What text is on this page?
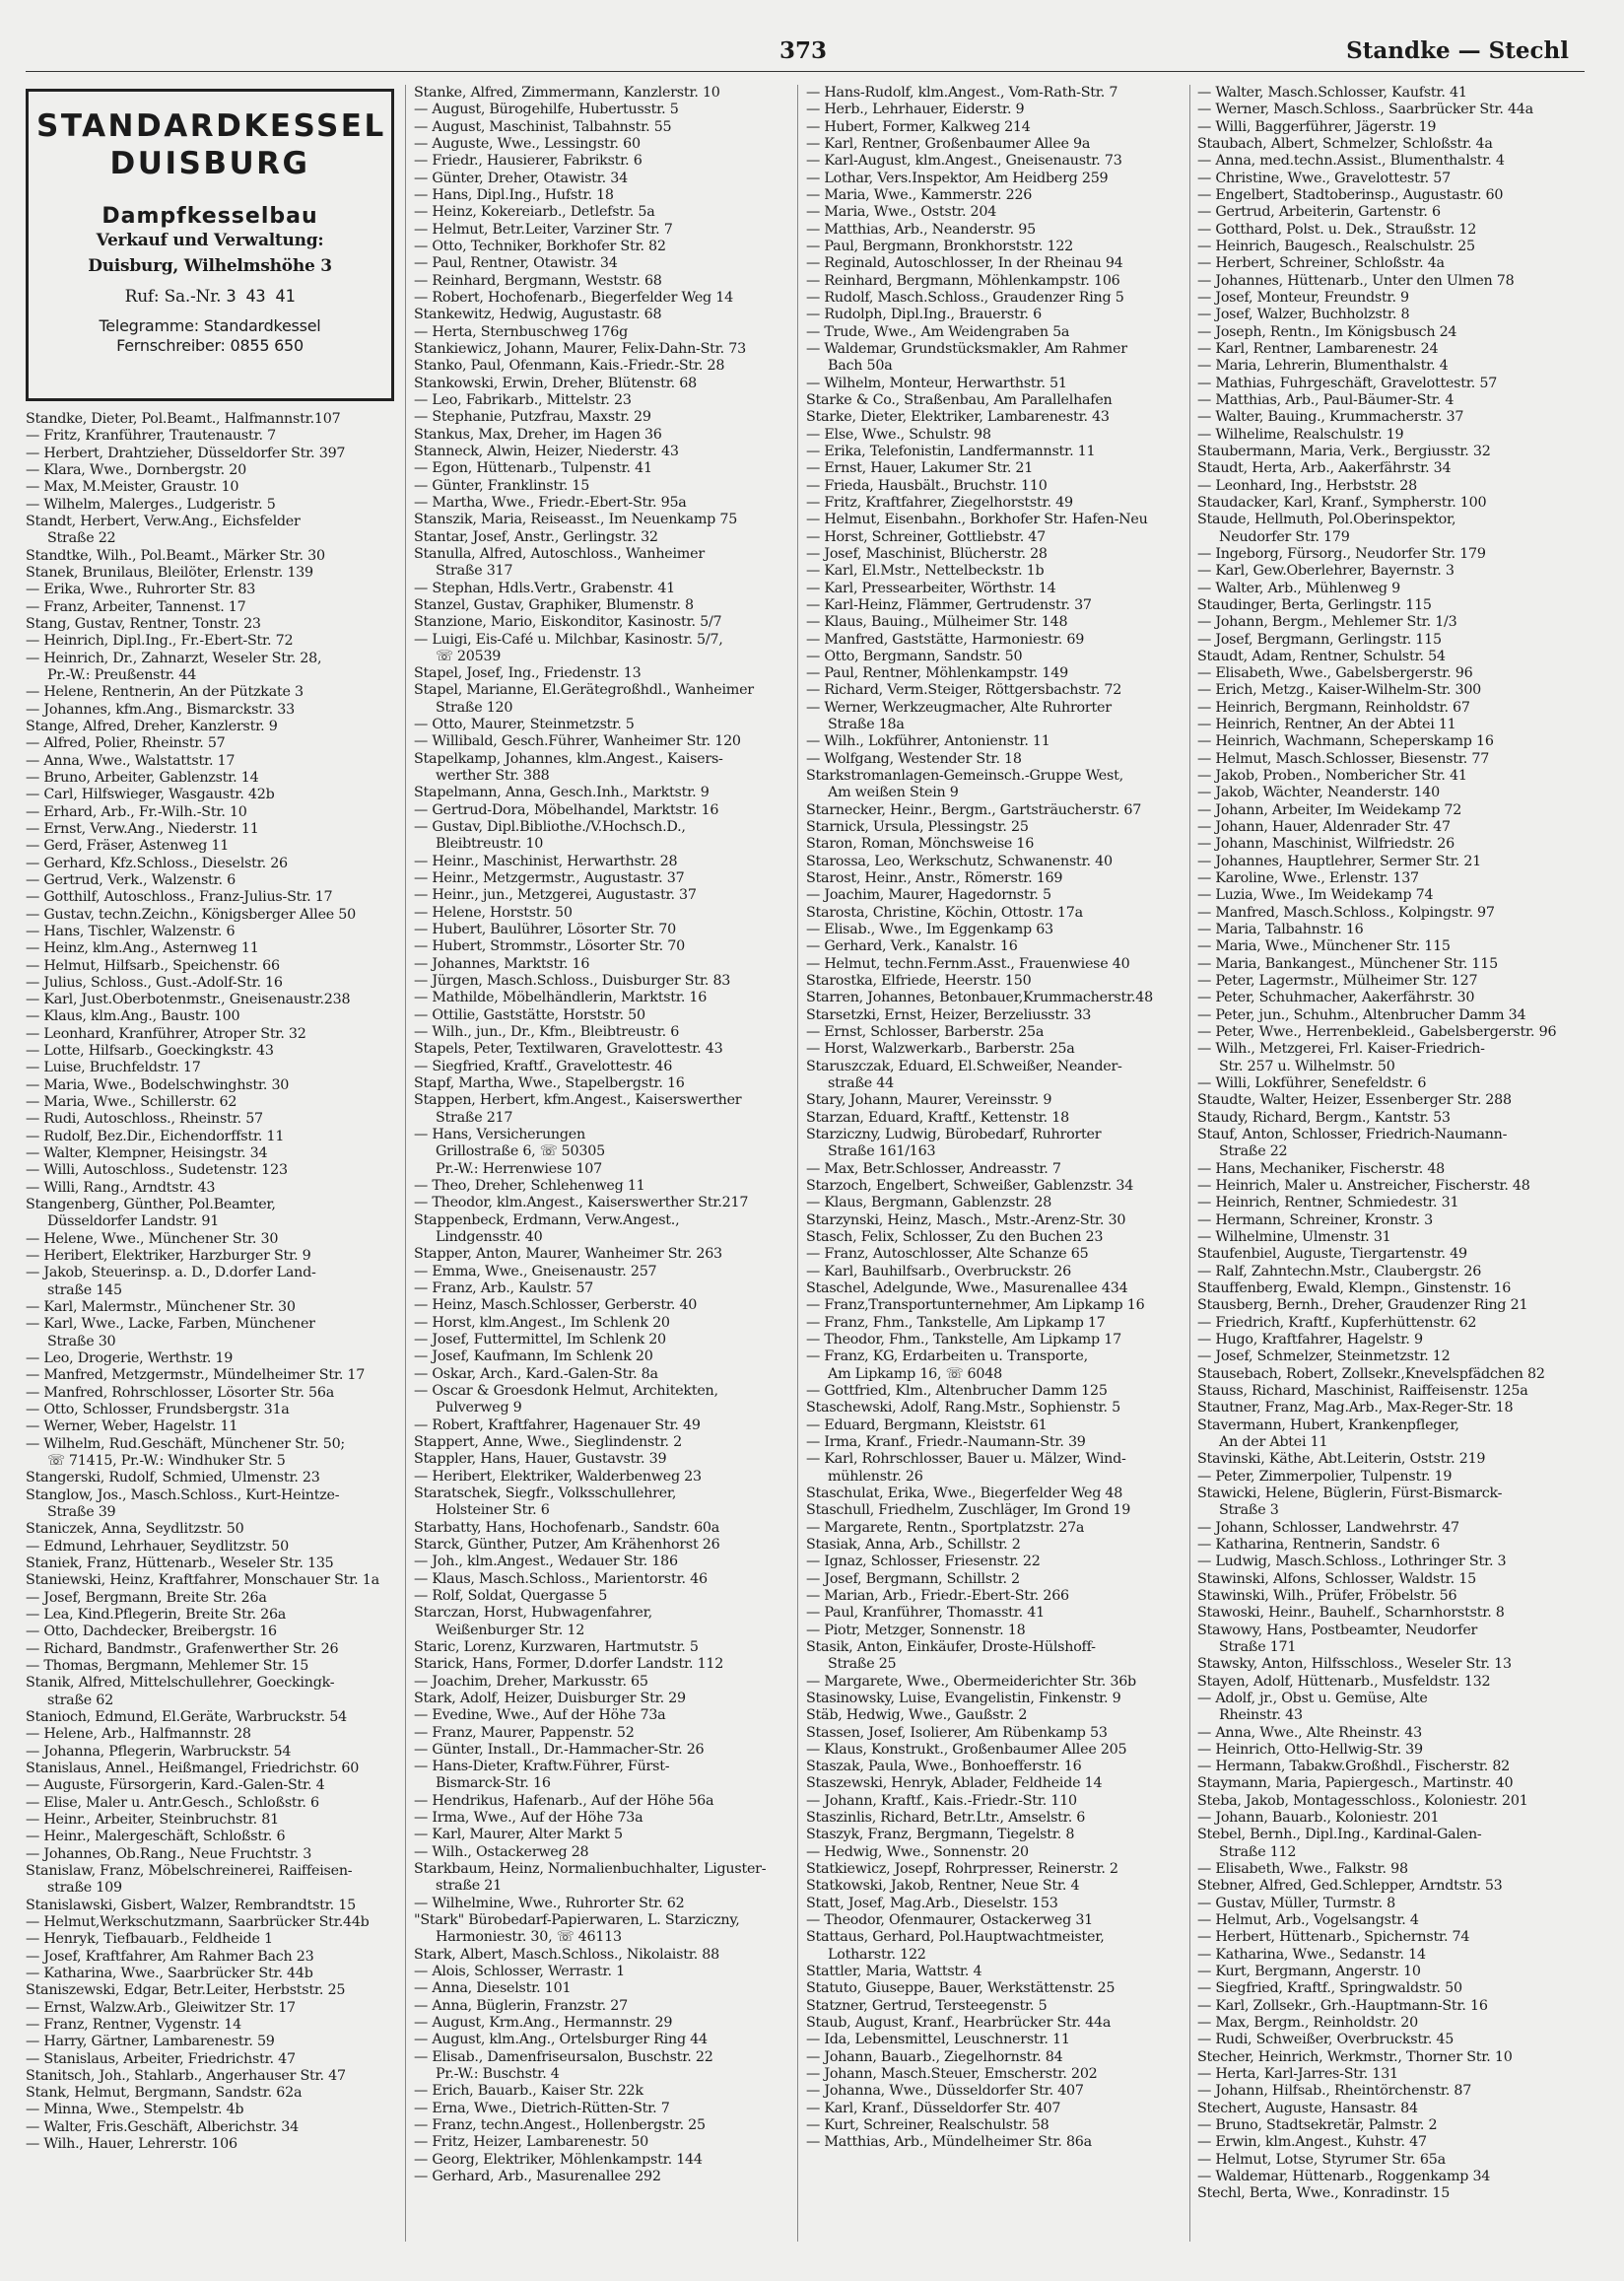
373	Standke — Stechl
STANDARDKESSEL DUISBURG
Dampfkesselbau
Verkauf und Verwaltung:
Duisburg, Wilhelmshöhe 3
Ruf: Sa.-Nr. 3 43 41
Telegramme: Standardkessel
Fernschreiber: 0855 650
Standke, Dieter, Pol.Beamt., Halfmannstr.107
— Fritz, Kranführer, Trautenaustr. 7
— Herbert, Drahtzieher, Düsseldorfer Str. 397
— Klara, Wwe., Dornbergstr. 20
— Max, M.Meister, Graustr. 10
— Wilhelm, Malerges., Ludgeristr. 5
Standt, Herbert, Verw.Ang., Eichsfelder
Straße 22
Standtke, Wilh., Pol.Beamt., Märker Str. 30
Stanek, Brunilaus, Bleilöter, Erlenstr. 139
— Erika, Wwe., Ruhrorter Str. 83
— Franz, Arbeiter, Tannenst. 17
Stang, Gustav, Rentner, Tonstr. 23
— Heinrich, Dipl.Ing., Fr.-Ebert-Str. 72
— Heinrich, Dr., Zahnarzt, Weseler Str. 28,
Pr.-W.: Preußenstr. 44
— Helene, Rentnerin, An der Pützkate 3
— Johannes, kfm.Ang., Bismarckstr. 33
Stange, Alfred, Dreher, Kanzlerstr. 9
— Alfred, Polier, Rheinstr. 57
— Anna, Wwe., Walstattstr. 17
— Bruno, Arbeiter, Gablenzstr. 14
— Carl, Hilfswieger, Wasgaustr. 42b
— Erhard, Arb., Fr.-Wilh.-Str. 10
— Ernst, Verw.Ang., Niederstr. 11
— Gerd, Fräser, Astenweg 11
— Gerhard, Kfz.Schloss., Dieselstr. 26
— Gertrud, Verk., Walzenstr. 6
— Gotthilf, Autoschloss., Franz-Julius-Str. 17
— Gustav, techn.Zeichn., Königsberger Allee 50
— Hans, Tischler, Walzenstr. 6
— Heinz, klm.Ang., Asternweg 11
— Helmut, Hilfsarb., Speichenstr. 66
— Julius, Schloss., Gust.-Adolf-Str. 16
— Karl, Just.Oberbotenmstr., Gneisenaustr.238
— Klaus, klm.Ang., Baustr. 100
— Leonhard, Kranführer, Atroper Str. 32
— Lotte, Hilfsarb., Goeckingkstr. 43
— Luise, Bruchfeldstr. 17
— Maria, Wwe., Bodelschwinghstr. 30
— Maria, Wwe., Schillerstr. 62
— Rudi, Autoschloss., Rheinstr. 57
— Rudolf, Bez.Dir., Eichendorffstr. 11
— Walter, Klempner, Heisingstr. 34
— Willi, Autoschloss., Sudetenstr. 123
— Willi, Rang., Arndtstr. 43
Stangenberg, Günther, Pol.Beamter,
Düsseldorfer Landstr. 91
— Helene, Wwe., Münchener Str. 30
— Heribert, Elektriker, Harzburger Str. 9
— Jakob, Steuerinsp. a. D., D.dorfer Land-
straße 145
— Karl, Malermstr., Münchener Str. 30
— Karl, Wwe., Lacke, Farben, Münchener
Straße 30
— Leo, Drogerie, Werthstr. 19
— Manfred, Metzgermstr., Mündelheimer Str. 17
— Manfred, Rohrschlosser, Lösorter Str. 56a
— Otto, Schlosser, Frundsbergstr. 31a
— Werner, Weber, Hagelstr. 11
— Wilhelm, Rud.Geschäft, Münchener Str. 50;
☏ 71415, Pr.-W.: Windhuker Str. 5
Stangerski, Rudolf, Schmied, Ulmenstr. 23
Stanglow, Jos., Masch.Schloss., Kurt-Heintze-
Straße 39
Staniczek, Anna, Seydlitzstr. 50
— Edmund, Lehrhauer, Seydlitzstr. 50
Staniek, Franz, Hüttenarb., Weseler Str. 135
Staniewski, Heinz, Kraftfahrer, Monschauer Str. 1a
— Josef, Bergmann, Breite Str. 26a
— Lea, Kind.Pflegerin, Breite Str. 26a
— Otto, Dachdecker, Breibergstr. 16
— Richard, Bandmstr., Grafenwerther Str. 26
— Thomas, Bergmann, Mehlemer Str. 15
Stanik, Alfred, Mittelschullehrer, Goeckingk-
straße 62
Stanioch, Edmund, El.Geräte, Warbruckstr. 54
— Helene, Arb., Halfmannstr. 28
— Johanna, Pflegerin, Warbruckstr. 54
Stanislaus, Annel., Heißmangel, Friedrichstr. 60
— Auguste, Fürsorgerin, Kard.-Galen-Str. 4
— Elise, Maler u. Antr.Gesch., Schloßstr. 6
— Heinr., Arbeiter, Steinbruchstr. 81
— Heinr., Malergeschäft, Schloßstr. 6
— Johannes, Ob.Rang., Neue Fruchtstr. 3
Stanislaw, Franz, Möbelschreinerei, Raiffeisen-
straße 109
Stanislawski, Gisbert, Walzer, Rembrandtstr. 15
— Helmut,Werkschutzmann, Saarbrücker Str.44b
— Henryk, Tiefbauarb., Feldheide 1
— Josef, Kraftfahrer, Am Rahmer Bach 23
— Katharina, Wwe., Saarbrücker Str. 44b
Staniszewski, Edgar, Betr.Leiter, Herbststr. 25
— Ernst, Walzw.Arb., Gleiwitzer Str. 17
— Franz, Rentner, Vygenstr. 14
— Harry, Gärtner, Lambarenestr. 59
— Stanislaus, Arbeiter, Friedrichstr. 47
Stanitsch, Joh., Stahlarb., Angerhauser Str. 47
Stank, Helmut, Bergmann, Sandstr. 62a
— Minna, Wwe., Stempelstr. 4b
— Walter, Fris.Geschäft, Alberichstr. 34
— Wilh., Hauer, Lehrerstr. 106
Stanke, Alfred, Zimmermann, Kanzlerstr. 10
— August, Bürogehilfe, Hubertusstr. 5
— August, Maschinist, Talbahnstr. 55
— Auguste, Wwe., Lessingstr. 60
— Friedr., Hausierer, Fabrikstr. 6
— Günter, Dreher, Otawistr. 34
— Hans, Dipl.Ing., Hufstr. 18
— Heinz, Kokereiarb., Detlefstr. 5a
— Helmut, Betr.Leiter, Varziner Str. 7
— Otto, Techniker, Borkhofer Str. 82
— Paul, Rentner, Otawistr. 34
— Reinhard, Bergmann, Weststr. 68
— Robert, Hochofenarb., Biegerfelder Weg 14
Stankewitz, Hedwig, Augustastr. 68
— Herta, Sternbuschweg 176g
Stankiewicz, Johann, Maurer, Felix-Dahn-Str. 73
Stanko, Paul, Ofenmann, Kais.-Friedr.-Str. 28
Stankowski, Erwin, Dreher, Blütenstr. 68
— Leo, Fabrikarb., Mittelstr. 23
— Stephanie, Putzfrau, Maxstr. 29
Stankus, Max, Dreher, im Hagen 36
Stanneck, Alwin, Heizer, Niederstr. 43
— Egon, Hüttenarb., Tulpenstr. 41
— Günter, Franklinstr. 15
— Martha, Wwe., Friedr.-Ebert-Str. 95a
Stanszik, Maria, Reiseasst., Im Neuenkamp 75
Stantar, Josef, Anstr., Gerlingstr. 32
Stanulla, Alfred, Autoschloss., Wanheimer
Straße 317
— Stephan, Hdls.Vertr., Grabenstr. 41
Stanzel, Gustav, Graphiker, Blumenstr. 8
Stanzione, Mario, Eiskonditor, Kasinostr. 5/7
— Luigi, Eis-Café u. Milchbar, Kasinostr. 5/7,
☏ 20539
Stapel, Josef, Ing., Friedenstr. 13
Stapel, Marianne, El.Gerätegroßhdl., Wanheimer
Straße 120
— Otto, Maurer, Steinmetzstr. 5
— Willibald, Gesch.Führer, Wanheimer Str. 120
Stapelkamp, Johannes, klm.Angest., Kaisers-
werther Str. 388
Stapelmann, Anna, Gesch.Inh., Marktstr. 9
— Gertrud-Dora, Möbelhandel, Marktstr. 16
— Gustav, Dipl.Bibliothe./V.Hochsch.D.,
Bleibtreustr. 10
— Heinr., Maschinist, Herwarthstr. 28
— Heinr., Metzgermstr., Augustastr. 37
— Heinr., jun., Metzgerei, Augustastr. 37
— Helene, Horststr. 50
— Hubert, Baulührer, Lösorter Str. 70
— Hubert, Strommstr., Lösorter Str. 70
— Johannes, Marktstr. 16
— Jürgen, Masch.Schloss., Duisburger Str. 83
— Mathilde, Möbelhändlerin, Marktstr. 16
— Ottilie, Gaststätte, Horststr. 50
— Wilh., jun., Dr., Kfm., Bleibtreustr. 6
Stapels, Peter, Textilwaren, Gravelottestr. 43
— Siegfried, Kraftf., Gravelottestr. 46
Stapf, Martha, Wwe., Stapelbergstr. 16
Stappen, Herbert, kfm.Angest., Kaiserswerther
Straße 217
— Hans, Versicherungen
Grillostraße 6, ☏ 50305
Pr.-W.: Herrenwiese 107
— Theo, Dreher, Schlehenweg 11
— Theodor, klm.Angest., Kaiserswerther Str.217
Stappenbeck, Erdmann, Verw.Angest.,
Lindgensstr. 40
Stapper, Anton, Maurer, Wanheimer Str. 263
— Emma, Wwe., Gneisenaustr. 257
— Franz, Arb., Kaulstr. 57
— Heinz, Masch.Schlosser, Gerberstr. 40
— Horst, klm.Angest., Im Schlenk 20
— Josef, Futtermittel, Im Schlenk 20
— Josef, Kaufmann, Im Schlenk 20
— Oskar, Arch., Kard.-Galen-Str. 8a
— Oscar & Groesdonk Helmut, Architekten,
Pulverweg 9
— Robert, Kraftfahrer, Hagenauer Str. 49
Stappert, Anne, Wwe., Sieglindenstr. 2
Stappler, Hans, Hauer, Gustavstr. 39
— Heribert, Elektriker, Walderbenweg 23
Staratschek, Siegfr., Volksschullehrer,
Holsteiner Str. 6
Starbatty, Hans, Hochofenarb., Sandstr. 60a
Starck, Günther, Putzer, Am Krähenhorst 26
— Joh., klm.Angest., Wedauer Str. 186
— Klaus, Masch.Schloss., Marientorstr. 46
— Rolf, Soldat, Quergasse 5
Starczan, Horst, Hubwagenfahrer,
Weißenburger Str. 12
Staric, Lorenz, Kurzwaren, Hartmutstr. 5
Starick, Hans, Former, D.dorfer Landstr. 112
— Joachim, Dreher, Markusstr. 65
Stark, Adolf, Heizer, Duisburger Str. 29
— Evedine, Wwe., Auf der Höhe 73a
— Franz, Maurer, Pappenstr. 52
— Günter, Install., Dr.-Hammacher-Str. 26
— Hans-Dieter, Kraftw.Führer, Fürst-
Bismarck-Str. 16
— Hendrikus, Hafenarb., Auf der Höhe 56a
— Irma, Wwe., Auf der Höhe 73a
— Karl, Maurer, Alter Markt 5
— Wilh., Ostackerweg 28
Starkbaum, Heinz, Normalienbuchhalter, Liguster-
straße 21
— Wilhelmine, Wwe., Ruhrorter Str. 62
"Stark" Bürobedarf-Papierwaren, L. Starziczny,
Harmoniestr. 30, ☏ 46113
Stark, Albert, Masch.Schloss., Nikolaistr. 88
— Alois, Schlosser, Werrastr. 1
— Anna, Dieselstr. 101
— Anna, Büglerin, Franzstr. 27
— August, Krm.Ang., Hermannstr. 29
— August, klm.Ang., Ortelsburger Ring 44
— Elisab., Damenfriseursalon, Buschstr. 22
Pr.-W.: Buschstr. 4
— Erich, Bauarb., Kaiser Str. 22k
— Erna, Wwe., Dietrich-Rütten-Str. 7
— Franz, techn.Angest., Hollenbergstr. 25
— Fritz, Heizer, Lambarenestr. 50
— Georg, Elektriker, Möhlenkampstr. 144
— Gerhard, Arb., Masurenallee 292
— Hans-Rudolf, klm.Angest., Vom-Rath-Str. 7
— Herb., Lehrhauer, Eiderstr. 9
— Hubert, Former, Kalkweg 214
— Karl, Rentner, Großenbaumer Allee 9a
— Karl-August, klm.Angest., Gneisenaustr. 73
— Lothar, Vers.Inspektor, Am Heidberg 259
— Maria, Wwe., Kammerstr. 226
— Maria, Wwe., Oststr. 204
— Matthias, Arb., Neanderstr. 95
— Paul, Bergmann, Bronkhorststr. 122
— Reginald, Autoschlosser, In der Rheinau 94
— Reinhard, Bergmann, Möhlenkampstr. 106
— Rudolf, Masch.Schloss., Graudenzer Ring 5
— Rudolph, Dipl.Ing., Brauerstr. 6
— Trude, Wwe., Am Weidengraben 5a
— Waldemar, Grundstücksmakler, Am Rahmer
Bach 50a
— Wilhelm, Monteur, Herwarthstr. 51
Starke & Co., Straßenbau, Am Parallelhafen
Starke, Dieter, Elektriker, Lambarenestr. 43
— Else, Wwe., Schulstr. 98
— Erika, Telefonistin, Landfermannstr. 11
— Ernst, Hauer, Lakumer Str. 21
— Frieda, Hausbält., Bruchstr. 110
— Fritz, Kraftfahrer, Ziegelhorststr. 49
— Helmut, Eisenbahn., Borkhofer Str. Hafen-Neu
— Horst, Schreiner, Gottliebstr. 47
— Josef, Maschinist, Blücherstr. 28
— Karl, El.Mstr., Nettelbeckstr. 1b
— Karl, Pressearbeiter, Wörthstr. 14
— Karl-Heinz, Flämmer, Gertrudenstr. 37
— Klaus, Bauing., Mülheimer Str. 148
— Manfred, Gaststätte, Harmoniestr. 69
— Otto, Bergmann, Sandstr. 50
— Paul, Rentner, Möhlenkampstr. 149
— Richard, Verm.Steiger, Röttgersbachstr. 72
— Werner, Werkzeugmacher, Alte Ruhrorter
Straße 18a
— Wilh., Lokführer, Antonienstr. 11
— Wolfgang, Westender Str. 18
Starkstromanlagen-Gemeinsch.-Gruppe West,
Am weißen Stein 9
Starnecker, Heinr., Bergm., Gartsträucherstr. 67
Starnick, Ursula, Plessingstr. 25
Staron, Roman, Mönchsweise 16
Starossa, Leo, Werkschutz, Schwanenstr. 40
Starost, Heinr., Anstr., Römerstr. 169
— Joachim, Maurer, Hagedornstr. 5
Starosta, Christine, Köchin, Ottostr. 17a
— Elisab., Wwe., Im Eggenkamp 63
— Gerhard, Verk., Kanalstr. 16
— Helmut, techn.Fernm.Asst., Frauenwiese 40
Starostka, Elfriede, Heerstr. 150
Starren, Johannes, Betonbauer,Krummacherstr.48
Starsetzki, Ernst, Heizer, Berzeliusstr. 33
— Ernst, Schlosser, Barberstr. 25a
— Horst, Walzwerkarb., Barberstr. 25a
Staruszczak, Eduard, El.Schweißer, Neander-
straße 44
Stary, Johann, Maurer, Vereinsstr. 9
Starzan, Eduard, Kraftf., Kettenstr. 18
Starziczny, Ludwig, Bürobedarf, Ruhrorter
Straße 161/163
— Max, Betr.Schlosser, Andreasstr. 7
Starzoch, Engelbert, Schweißer, Gablenzstr. 34
— Klaus, Bergmann, Gablenzstr. 28
Starzynski, Heinz, Masch., Mstr.-Arenz-Str. 30
Stasch, Felix, Schlosser, Zu den Buchen 23
— Franz, Autoschlosser, Alte Schanze 65
— Karl, Bauhilfsarb., Overbruckstr. 26
Staschel, Adelgunde, Wwe., Masurenallee 434
— Franz,Transportunternehmer, Am Lipkamp 16
— Franz, Fhm., Tankstelle, Am Lipkamp 17
— Theodor, Fhm., Tankstelle, Am Lipkamp 17
— Franz, KG, Erdarbeiten u. Transporte,
Am Lipkamp 16, ☏ 6048
— Gottfried, Klm., Altenbrucher Damm 125
Staschewski, Adolf, Rang.Mstr., Sophienstr. 5
— Eduard, Bergmann, Kleiststr. 61
— Irma, Kranf., Friedr.-Naumann-Str. 39
— Karl, Rohrschlosser, Bauer u. Mälzer, Wind-
mühlenstr. 26
Staschulat, Erika, Wwe., Biegerfelder Weg 48
Staschull, Friedhelm, Zuschläger, Im Grond 19
— Margarete, Rentn., Sportplatzstr. 27a
Stasiak, Anna, Arb., Schillstr. 2
— Ignaz, Schlosser, Friesenstr. 22
— Josef, Bergmann, Schillstr. 2
— Marian, Arb., Friedr.-Ebert-Str. 266
— Paul, Kranführer, Thomasstr. 41
— Piotr, Metzger, Sonnenstr. 18
Stasik, Anton, Einkäufer, Droste-Hülshoff-
Straße 25
— Margarete, Wwe., Obermeiderichter Str. 36b
Stasinowsky, Luise, Evangelistin, Finkenstr. 9
Stäb, Hedwig, Wwe., Gaußstr. 2
Stassen, Josef, Isolierer, Am Rübenkamp 53
— Klaus, Konstrukt., Großenbaumer Allee 205
Staszak, Paula, Wwe., Bonhoefferstr. 16
Staszewski, Henryk, Ablader, Feldheide 14
— Johann, Kraftf., Kais.-Friedr.-Str. 110
Staszinlis, Richard, Betr.Ltr., Amselstr. 6
Staszyk, Franz, Bergmann, Tiegelstr. 8
— Hedwig, Wwe., Sonnenstr. 20
Statkiewicz, Josepf, Rohrpresser, Reinerstr. 2
Statkowski, Jakob, Rentner, Neue Str. 4
Statt, Josef, Mag.Arb., Dieselstr. 153
— Theodor, Ofenmaurer, Ostackerweg 31
Stattaus, Gerhard, Pol.Hauptwachtmeister,
Lotharstr. 122
Stattler, Maria, Wattstr. 4
Statuto, Giuseppe, Bauer, Werkstättenstr. 25
Statzner, Gertrud, Tersteegenstr. 5
Staub, August, Kranf., Hearbrücker Str. 44a
— Ida, Lebensmittel, Leuschnerstr. 11
— Johann, Bauarb., Ziegelhornstr. 84
— Johann, Masch.Steuer, Emscherstr. 202
— Johanna, Wwe., Düsseldorfer Str. 407
— Karl, Kranf., Düsseldorfer Str. 407
— Kurt, Schreiner, Realschulstr. 58
— Matthias, Arb., Mündelheimer Str. 86a
— Walter, Masch.Schlosser, Kaufstr. 41
— Werner, Masch.Schloss., Saarbrücker Str. 44a
— Willi, Baggerführer, Jägerstr. 19
Staubach, Albert, Schmelzer, Schloßstr. 4a
— Anna, med.techn.Assist., Blumenthalstr. 4
— Christine, Wwe., Gravelottestr. 57
— Engelbert, Stadtoberinsp., Augustastr. 60
— Gertrud, Arbeiterin, Gartenstr. 6
— Gotthard, Polst. u. Dek., Straußstr. 12
— Heinrich, Baugesch., Realschulstr. 25
— Herbert, Schreiner, Schloßstr. 4a
— Johannes, Hüttenarb., Unter den Ulmen 78
— Josef, Monteur, Freundstr. 9
— Josef, Walzer, Buchholzstr. 8
— Joseph, Rentn., Im Königsbusch 24
— Karl, Rentner, Lambarenestr. 24
— Maria, Lehrerin, Blumenthalstr. 4
— Mathias, Fuhrgeschäft, Gravelottestr. 57
— Matthias, Arb., Paul-Bäumer-Str. 4
— Walter, Bauing., Krummacherstr. 37
— Wilhelime, Realschulstr. 19
Staubermann, Maria, Verk., Bergiusstr. 32
Staudt, Herta, Arb., Aakerfährstr. 34
— Leonhard, Ing., Herbststr. 28
Staudacker, Karl, Kranf., Sympherstr. 100
Staude, Hellmuth, Pol.Oberinspektor,
Neudorfer Str. 179
— Ingeborg, Fürsorg., Neudorfer Str. 179
— Karl, Gew.Oberlehrer, Bayernstr. 3
— Walter, Arb., Mühlenweg 9
Staudinger, Berta, Gerlingstr. 115
— Johann, Bergm., Mehlemer Str. 1/3
— Josef, Bergmann, Gerlingstr. 115
Staudt, Adam, Rentner, Schulstr. 54
— Elisabeth, Wwe., Gabelsbergerstr. 96
— Erich, Metzg., Kaiser-Wilhelm-Str. 300
— Heinrich, Bergmann, Reinholdstr. 67
— Heinrich, Rentner, An der Abtei 11
— Heinrich, Wachmann, Scheperskamp 16
— Helmut, Masch.Schlosser, Biesenstr. 77
— Jakob, Proben., Nombericher Str. 41
— Jakob, Wächter, Neanderstr. 140
— Johann, Arbeiter, Im Weidekamp 72
— Johann, Hauer, Aldenrader Str. 47
— Johann, Maschinist, Wilfriedstr. 26
— Johannes, Hauptlehrer, Sermer Str. 21
— Karoline, Wwe., Erlenstr. 137
— Luzia, Wwe., Im Weidekamp 74
— Manfred, Masch.Schloss., Kolpingstr. 97
— Maria, Talbahnstr. 16
— Maria, Wwe., Münchener Str. 115
— Maria, Bankangest., Münchener Str. 115
— Peter, Lagermstr., Mülheimer Str. 127
— Peter, Schuhmacher, Aakerfährstr. 30
— Peter, jun., Schuhm., Altenbrucher Damm 34
— Peter, Wwe., Herrenbekleid., Gabelsbergerstr. 96
— Wilh., Metzgerei, Frl. Kaiser-Friedrich-
Str. 257 u. Wilhelmstr. 50
— Willi, Lokführer, Senefeldstr. 6
Staudte, Walter, Heizer, Essenberger Str. 288
Staudy, Richard, Bergm., Kantstr. 53
Stauf, Anton, Schlosser, Friedrich-Naumann-
Straße 22
— Hans, Mechaniker, Fischerstr. 48
— Heinrich, Maler u. Anstreicher, Fischerstr. 48
— Heinrich, Rentner, Schmiedestr. 31
— Hermann, Schreiner, Kronstr. 3
— Wilhelmine, Ulmenstr. 31
Staufenbiel, Auguste, Tiergartenstr. 49
— Ralf, Zahntechn.Mstr., Claubergstr. 26
Stauffenberg, Ewald, Klempn., Ginstenstr. 16
Stausberg, Bernh., Dreher, Graudenzer Ring 21
— Friedrich, Kraftf., Kupferhüttenstr. 62
— Hugo, Kraftfahrer, Hagelstr. 9
— Josef, Schmelzer, Steinmetzstr. 12
Stausebach, Robert, Zollsekr.,Knevelspfädchen 82
Stauss, Richard, Maschinist, Raiffeisenstr. 125a
Stautner, Franz, Mag.Arb., Max-Reger-Str. 18
Stavermann, Hubert, Krankenpfleger,
An der Abtei 11
Stavinski, Käthe, Abt.Leiterin, Oststr. 219
— Peter, Zimmerpolier, Tulpenstr. 19
Stawicki, Helene, Büglerin, Fürst-Bismarck-
Straße 3
— Johann, Schlosser, Landwehrstr. 47
— Katharina, Rentnerin, Sandstr. 6
— Ludwig, Masch.Schloss., Lothringer Str. 3
Stawinski, Alfons, Schlosser, Waldstr. 15
Stawinski, Wilh., Prüfer, Fröbelstr. 56
Stawoski, Heinr., Bauhelf., Scharnhorststr. 8
Stawowy, Hans, Postbeamter, Neudorfer
Straße 171
Stawsky, Anton, Hilfsschloss., Weseler Str. 13
Stayen, Adolf, Hüttenarb., Musfeldstr. 132
— Adolf, jr., Obst u. Gemüse, Alte
Rheinstr. 43
— Anna, Wwe., Alte Rheinstr. 43
— Heinrich, Otto-Hellwig-Str. 39
— Hermann, Tabakw.Großhdl., Fischerstr. 82
Staymann, Maria, Papiergesch., Martinstr. 40
Steba, Jakob, Montagesschloss., Koloniestr. 201
— Johann, Bauarb., Koloniestr. 201
Stebel, Bernh., Dipl.Ing., Kardinal-Galen-
Straße 112
— Elisabeth, Wwe., Falkstr. 98
Stebner, Alfred, Ged.Schlepper, Arndtstr. 53
— Gustav, Müller, Turmstr. 8
— Helmut, Arb., Vogelsangstr. 4
— Herbert, Hüttenarb., Spichernstr. 74
— Katharina, Wwe., Sedanstr. 14
— Kurt, Bergmann, Angerstr. 10
— Siegfried, Kraftf., Springwaldstr. 50
— Karl, Zollsekr., Grh.-Hauptmann-Str. 16
— Max, Bergm., Reinholdstr. 20
— Rudi, Schweißer, Overbruckstr. 45
Stecher, Heinrich, Werkmstr., Thorner Str. 10
— Herta, Karl-Jarres-Str. 131
— Johann, Hilfsab., Rheintörchenstr. 87
Stechert, Auguste, Hansastr. 84
— Bruno, Stadtsekretär, Palmstr. 2
— Erwin, klm.Angest., Kuhstr. 47
— Helmut, Lotse, Styrumer Str. 65a
— Waldemar, Hüttenarb., Roggenkamp 34
Stechl, Berta, Wwe., Konradinstr. 15
